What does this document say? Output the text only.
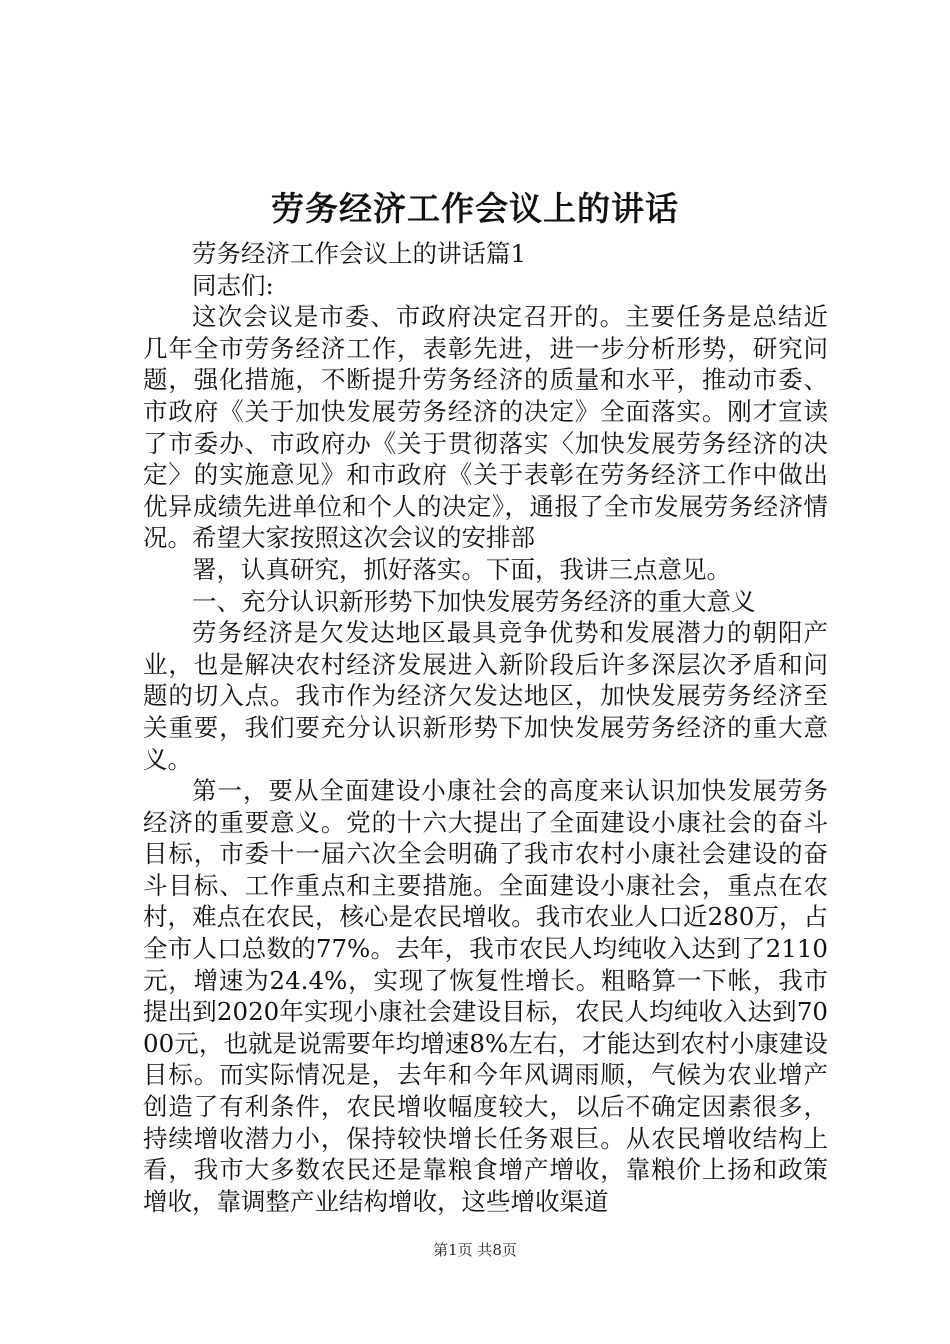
劳务经济工作会议上的讲话

劳务经济工作会议上的讲话篇1

同志们:

这次会议是市委、市政府决定召开的。主要任务是总结近几年全市劳务经济工作，表彰先进，进一步分析形势，研究问题，强化措施，不断提升劳务经济的质量和水平，推动市委、市政府《关于加快发展劳务经济的决定》全面落实。刚才宣读了市委办、市政府办《关于贯彻落实〈加快发展劳务经济的决定〉的实施意见》和市政府《关于表彰在劳务经济工作中做出优异成绩先进单位和个人的决定》，通报了全市发展劳务经济情况。希望大家按照这次会议的安排部

署，认真研究，抓好落实。下面，我讲三点意见。

一、充分认识新形势下加快发展劳务经济的重大意义

劳务经济是欠发达地区最具竞争优势和发展潜力的朝阳产业，也是解决农村经济发展进入新阶段后许多深层次矛盾和问题的切入点。我市作为经济欠发达地区，加快发展劳务经济至关重要，我们要充分认识新形势下加快发展劳务经济的重大意义。

第一，要从全面建设小康社会的高度来认识加快发展劳务经济的重要意义。党的十六大提出了全面建设小康社会的奋斗目标，市委十一届六次全会明确了我市农村小康社会建设的奋斗目标、工作重点和主要措施。全面建设小康社会，重点在农村，难点在农民，核心是农民增收。我市农业人口近280万，占全市人口总数的77%。去年，我市农民人均纯收入达到了2110元，增速为24.4%，实现了恢复性增长。粗略算一下帐，我市提出到2020年实现小康社会建设目标，农民人均纯收入达到7000元，也就是说需要年均增速8%左右，才能达到农村小康建设目标。而实际情况是，去年和今年风调雨顺，气候为农业增产创造了有利条件，农民增收幅度较大，以后不确定因素很多，持续增收潜力小，保持较快增长任务艰巨。从农民增收结构上看，我市大多数农民还是靠粮食增产增收，靠粮价上扬和政策增收，靠调整产业结构增收，这些增收渠道

第1页 共8页
